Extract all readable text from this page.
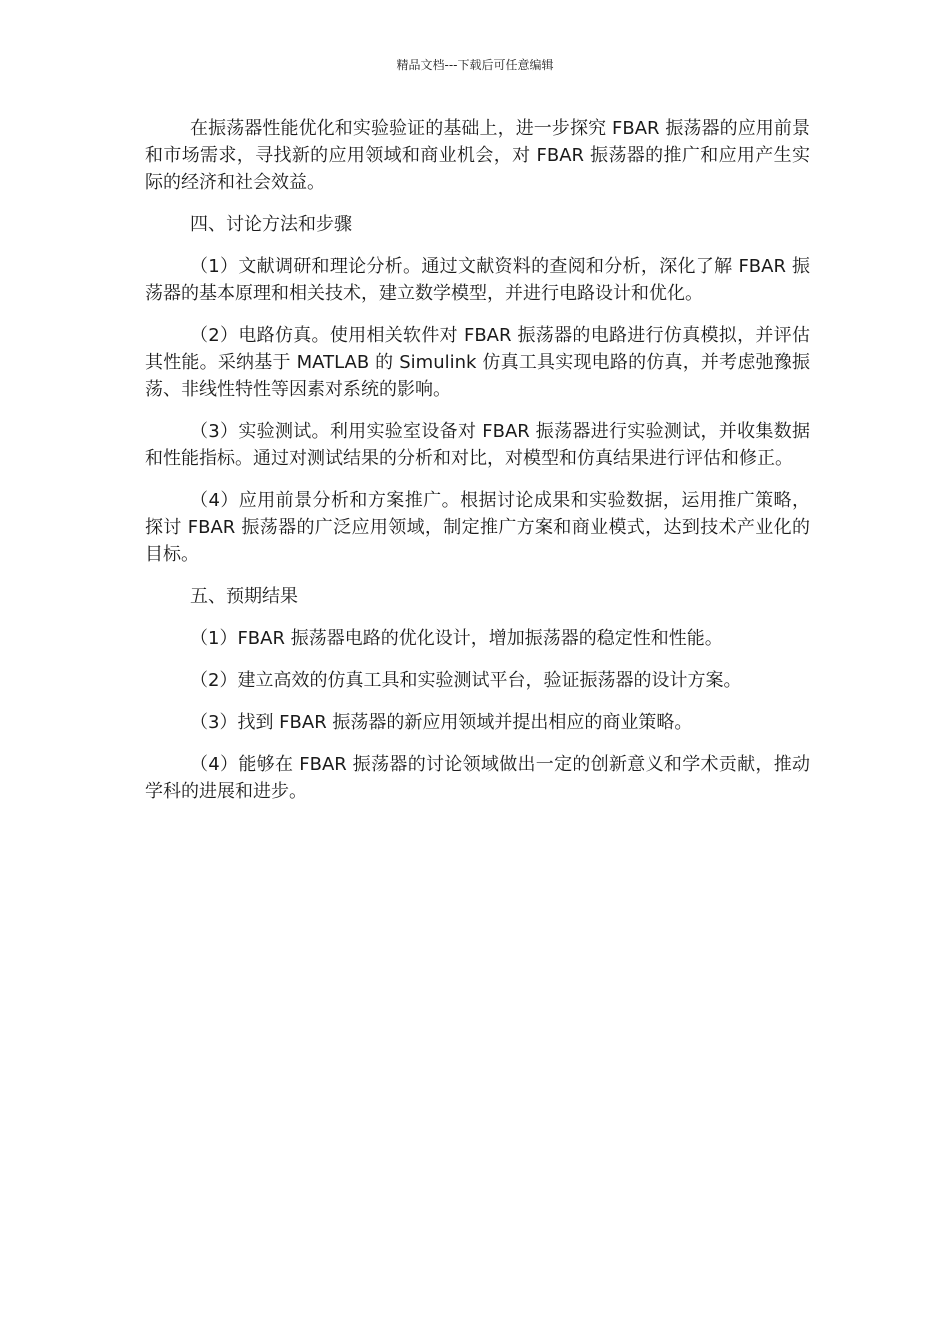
精品文档---下载后可任意编辑

在振荡器性能优化和实验验证的基础上，进一步探究 FBAR 振荡器的应用前景和市场需求，寻找新的应用领域和商业机会，对 FBAR 振荡器的推广和应用产生实际的经济和社会效益。

四、讨论方法和步骤

（1）文献调研和理论分析。通过文献资料的查阅和分析，深化了解 FBAR 振荡器的基本原理和相关技术，建立数学模型，并进行电路设计和优化。

（2）电路仿真。使用相关软件对 FBAR 振荡器的电路进行仿真模拟，并评估其性能。采纳基于 MATLAB 的 Simulink 仿真工具实现电路的仿真，并考虑弛豫振荡、非线性特性等因素对系统的影响。

（3）实验测试。利用实验室设备对 FBAR 振荡器进行实验测试，并收集数据和性能指标。通过对测试结果的分析和对比，对模型和仿真结果进行评估和修正。

（4）应用前景分析和方案推广。根据讨论成果和实验数据，运用推广策略，探讨 FBAR 振荡器的广泛应用领域，制定推广方案和商业模式，达到技术产业化的目标。

五、预期结果

（1）FBAR 振荡器电路的优化设计，增加振荡器的稳定性和性能。

（2）建立高效的仿真工具和实验测试平台，验证振荡器的设计方案。

（3）找到 FBAR 振荡器的新应用领域并提出相应的商业策略。

（4）能够在 FBAR 振荡器的讨论领域做出一定的创新意义和学术贡献，推动学科的进展和进步。
